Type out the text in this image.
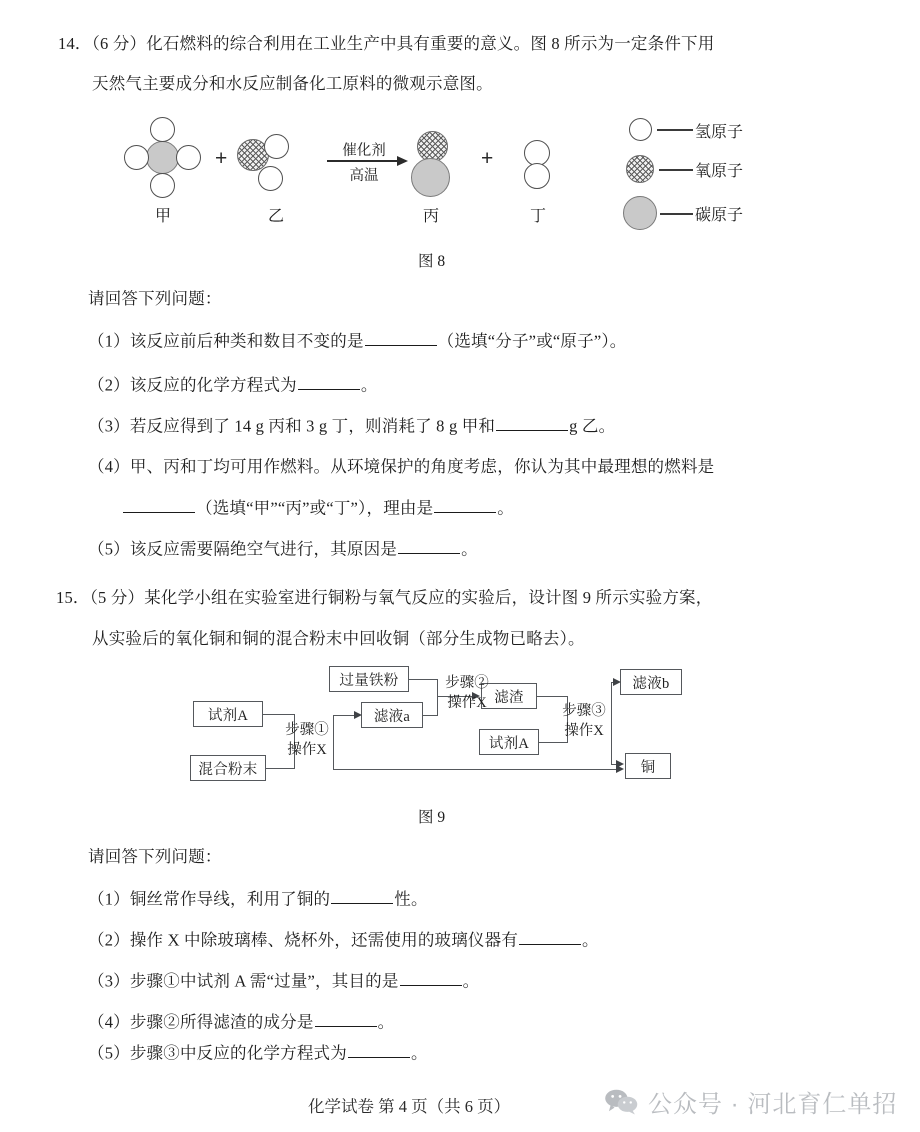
14．（6 分）化石燃料的综合利用在工业生产中具有重要的意义。图 8 所示为一定条件下用
天然气主要成分和水反应制备化工原料的微观示意图。
甲
+
乙
催化剂
高温
丙
+
丁
氢原子
氧原子
碳原子
图 8
请回答下列问题：
（1）该反应前后种类和数目不变的是	（选填“分子”或“原子”）。
（2）该反应的化学方程式为	。
（3）若反应得到了 14 g 丙和 3 g 丁，则消耗了 8 g 甲和	g 乙。
（4）甲、丙和丁均可用作燃料。从环境保护的角度考虑，你认为其中最理想的燃料是
（选填“甲”“丙”或“丁”），理由是	。
（5）该反应需要隔绝空气进行，其原因是	。
15．（5 分）某化学小组在实验室进行铜粉与氧气反应的实验后，设计图 9 所示实验方案，
从实验后的氧化铜和铜的混合粉末中回收铜（部分生成物已略去）。
试剂A
混合粉末
过量铁粉
滤液a
滤渣
试剂A
滤液b
铜
步骤①
操作X
步骤②
操作X
步骤③
操作X
图 9
请回答下列问题：
（1）铜丝常作导线，利用了铜的	性。
（2）操作 X 中除玻璃棒、烧杯外，还需使用的玻璃仪器有	。
（3）步骤①中试剂 A 需“过量”，其目的是	。
（4）步骤②所得滤渣的成分是	。
（5）步骤③中反应的化学方程式为	。
化学试卷 第 4 页（共 6 页）	公众号 · 河北育仁单招
